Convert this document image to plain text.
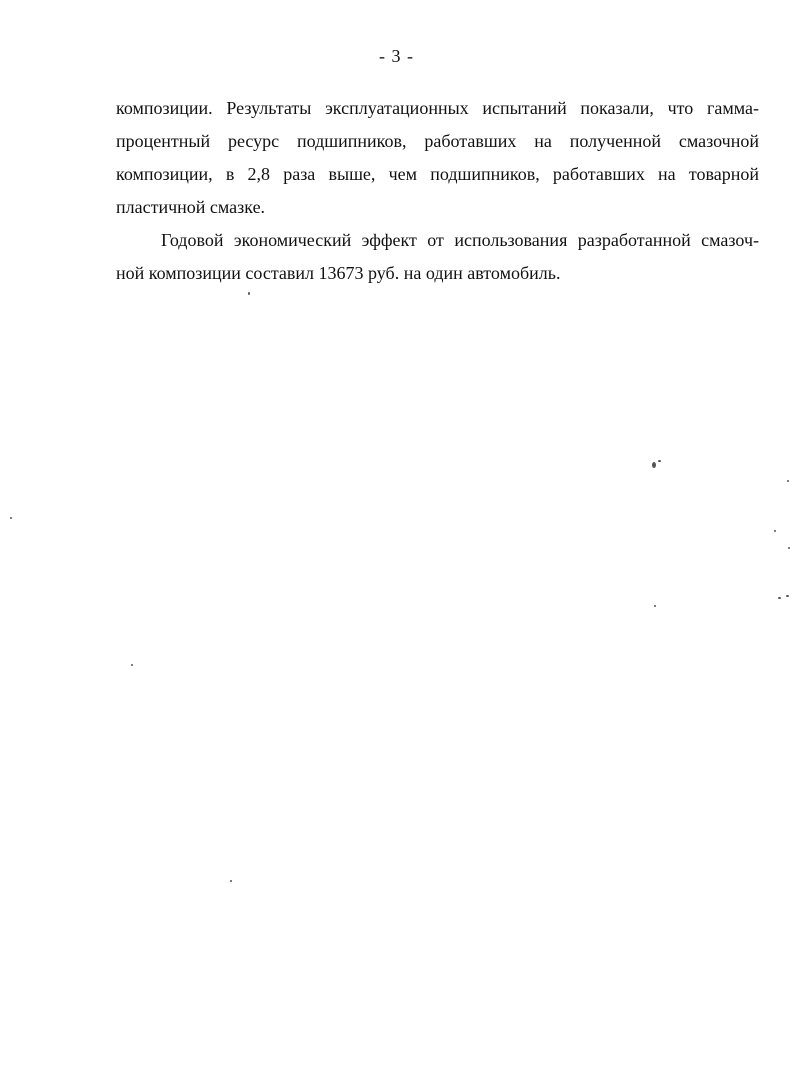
- 3 -

композиции. Результаты эксплуатационных испытаний показали, что гамма-
процентный ресурс подшипников, работавших на полученной смазочной
композиции, в 2,8 раза выше, чем подшипников, работавших на товарной
пластичной смазке.

Годовой экономический эффект от использования разработанной смазоч-
ной композиции составил 13673 руб. на один автомобиль.
